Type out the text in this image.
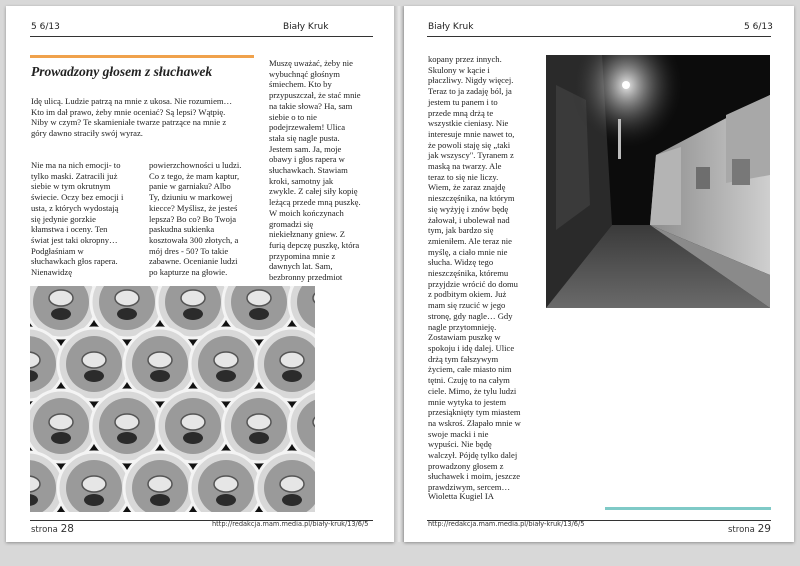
5 6/13	Biały Kruk
Prowadzony głosem z słuchawek

Idę ulicą. Ludzie patrzą na mnie z ukosa. Nie rozumiem…
Kto im dał prawo, żeby mnie oceniać? Są lepsi? Wątpię.
Niby w czym? Te skamieniałe twarze patrzące na mnie z
góry dawno straciły swój wyraz.

Nie ma na nich emocji- to
tylko maski. Zatracili już
siebie w tym okrutnym
świecie. Oczy bez emocji i
usta, z których wydostają
się jedynie gorzkie
kłamstwa i oceny. Ten
świat jest taki okropny…
Podgłaśniam w
słuchawkach głos rapera.
Nienawidzę

powierzchowności u ludzi.
Co z tego, że mam kaptur,
panie w garniaku? Albo
Ty, dziuniu w markowej
kiecce? Myślisz, że jesteś
lepsza? Bo co? Bo Twoja
paskudna sukienka
kosztowała 300 złotych, a
mój dres - 50? To takie
zabawne. Ocenianie ludzi
po kapturze na głowie.

Muszę uważać, żeby nie
wybuchnąć głośnym
śmiechem. Kto by
przypuszczał, że stać mnie
na takie słowa? Ha, sam
siebie o to nie
podejrzewałem! Ulica
stała się nagle pusta.
Jestem sam. Ja, moje
obawy i głos rapera w
słuchawkach. Stawiam
kroki, samotny jak
zwykle. Z całej siły kopię
leżącą przede mną puszkę.
W moich kończynach
gromadzi się
niekiełznany gniew. Z
furią depczę puszkę, która
przypomina mnie z
dawnych lat. Sam,
bezbronny przedmiot

strona 28	http://redakcja.mam.media.pl/biały-kruk/13/6/5
Biały Kruk	5 6/13

kopany przez innych.
Skulony w kącie i
płaczliwy. Nigdy więcej.
Teraz to ja zadaję ból, ja
jestem tu panem i to
przede mną drżą te
wszystkie cieniasy. Nie
interesuje mnie nawet to,
że powoli staję się „taki
jak wszyscy". Tyranem z
maską na twarzy. Ale
teraz to się nie liczy.
Wiem, że zaraz znajdę
nieszczęśnika, na którym
się wyżyję i znów będę
żałował, i ubolewał nad
tym, jak bardzo się
zmieniłem. Ale teraz nie
myślę, a ciało mnie nie
słucha. Widzę tego
nieszczęśnika, któremu
przyjdzie wrócić do domu
z podbitym okiem. Już
mam się rzucić w jego
stronę, gdy nagle… Gdy
nagle przytomnieję.
Zostawiam puszkę w
spokoju i idę dalej. Ulice
drżą tym fałszywym
życiem, całe miasto nim
tętni. Czuję to na całym
ciele. Mimo, że tylu ludzi
mnie wytyka to jestem
przesiąknięty tym miastem
na wskroś. Złapało mnie w
swoje macki i nie
wypuści. Nie będę
walczył. Pójdę tylko dalej
prowadzony głosem z
słuchawek i moim, jeszcze
prawdziwym, sercem…

Wioletta Kugiel IA

http://redakcja.mam.media.pl/biały-kruk/13/6/5
strona 29
